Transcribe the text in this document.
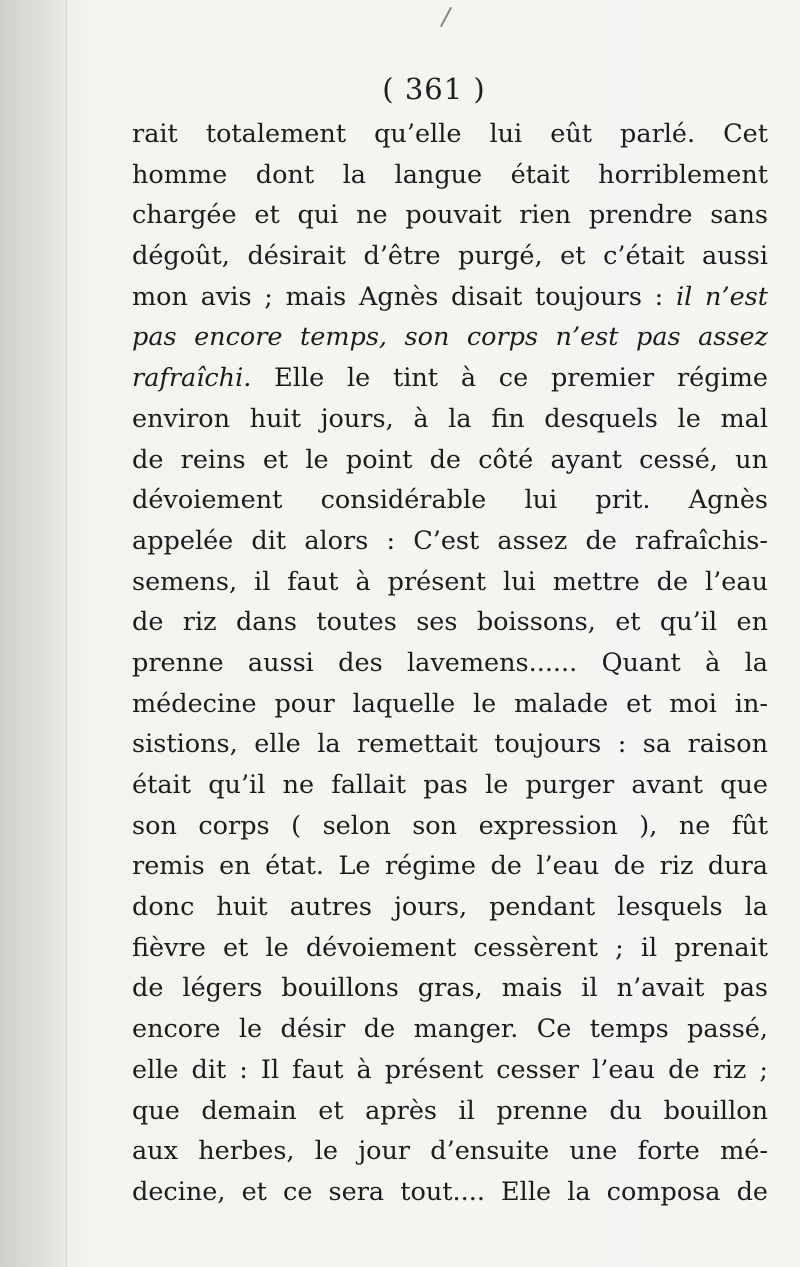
( 361 )
rait totalement qu’elle lui eût parlé. Cet
homme dont la langue était horriblement
chargée et qui ne pouvait rien prendre sans
dégoût, désirait d’être purgé, et c’était aussi
mon avis ; mais Agnès disait toujours : il n’est
pas encore temps, son corps n’est pas assez
rafraîchi. Elle le tint à ce premier régime
environ huit jours, à la fin desquels le mal
de reins et le point de côté ayant cessé, un
dévoiement considérable lui prit. Agnès
appelée dit alors : C’est assez de rafraîchis-
semens, il faut à présent lui mettre de l’eau
de riz dans toutes ses boissons, et qu’il en
prenne aussi des lavemens...... Quant à la
médecine pour laquelle le malade et moi in-
sistions, elle la remettait toujours : sa raison
était qu’il ne fallait pas le purger avant que
son corps ( selon son expression ), ne fût
remis en état. Le régime de l’eau de riz dura
donc huit autres jours, pendant lesquels la
fièvre et le dévoiement cessèrent ; il prenait
de légers bouillons gras, mais il n’avait pas
encore le désir de manger. Ce temps passé,
elle dit : Il faut à présent cesser l’eau de riz ;
que demain et après il prenne du bouillon
aux herbes, le jour d’ensuite une forte mé-
decine, et ce sera tout.... Elle la composa de
